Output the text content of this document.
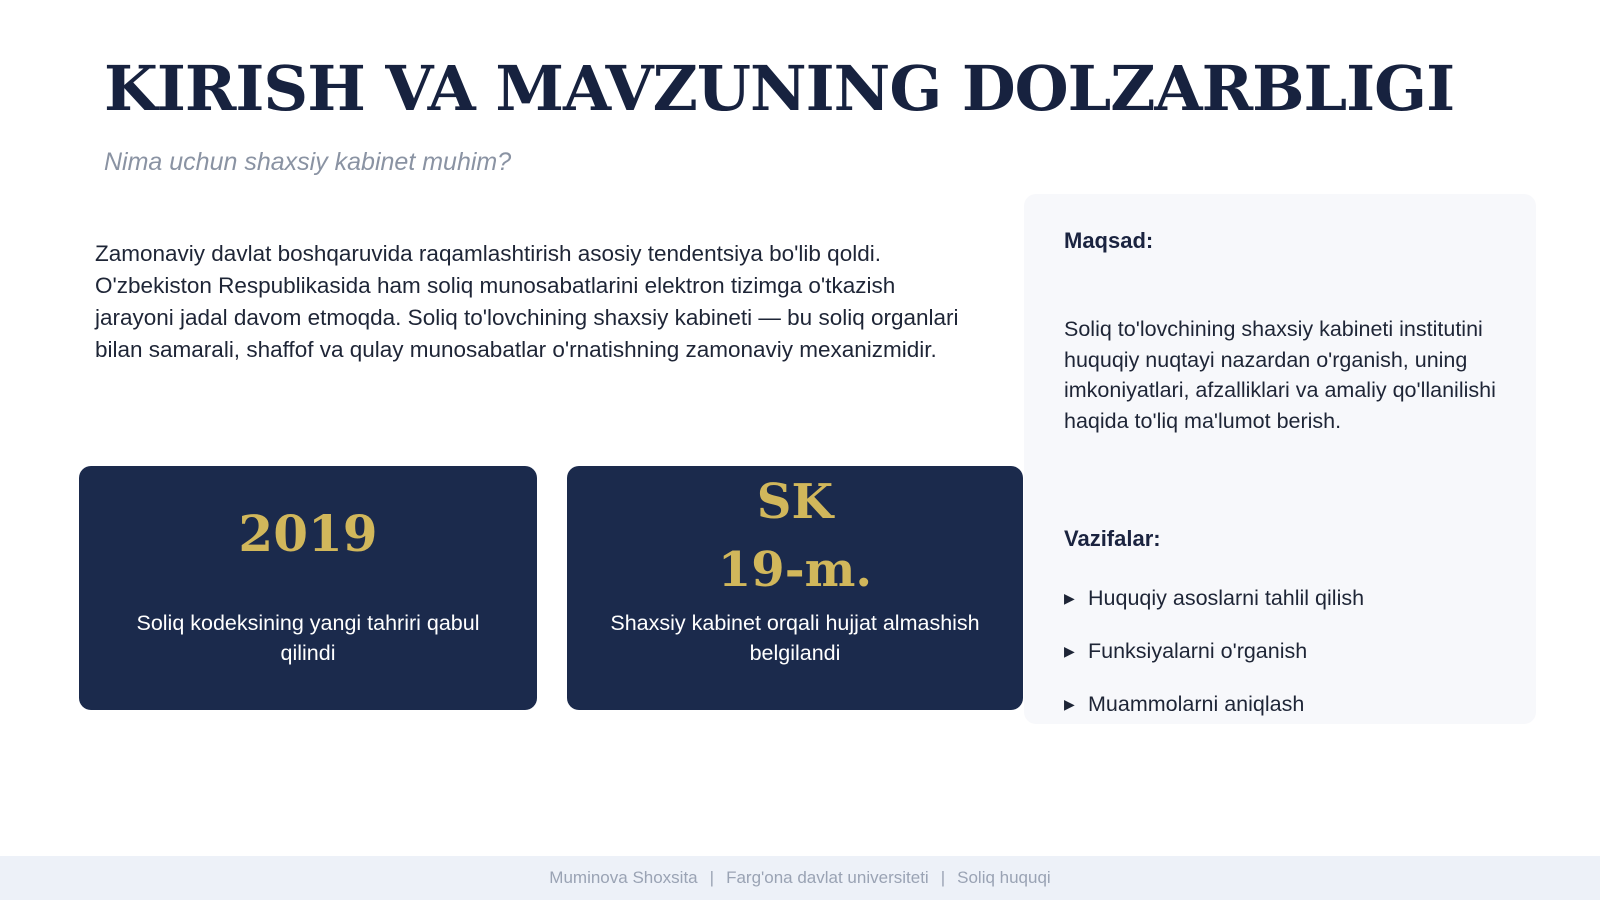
KIRISH VA MAVZUNING DOLZARBLIGI
Nima uchun shaxsiy kabinet muhim?

Zamonaviy davlat boshqaruvida raqamlashtirish asosiy tendentsiya bo'lib qoldi. O'zbekiston Respublikasida ham soliq munosabatlarini elektron tizimga o'tkazish jarayoni jadal davom etmoqda. Soliq to'lovchining shaxsiy kabineti — bu soliq organlari bilan samarali, shaffof va qulay munosabatlar o'rnatishning zamonaviy mexanizmidir.

2019
Soliq kodeksining yangi tahriri qabul qilindi
SK
19-m.
Shaxsiy kabinet orqali hujjat almashish belgilandi
Maqsad:

Soliq to'lovchining shaxsiy kabineti institutini huquqiy nuqtayi nazardan o'rganish, uning imkoniyatlari, afzalliklari va amaliy qo'llanilishi haqida to'liq ma'lumot berish.

Vazifalar:
▶ Huquqiy asoslarni tahlil qilish
▶ Funksiyalarni o'rganish
▶ Muammolarni aniqlash
Muminova Shoxsita | Farg'ona davlat universiteti | Soliq huquqi
